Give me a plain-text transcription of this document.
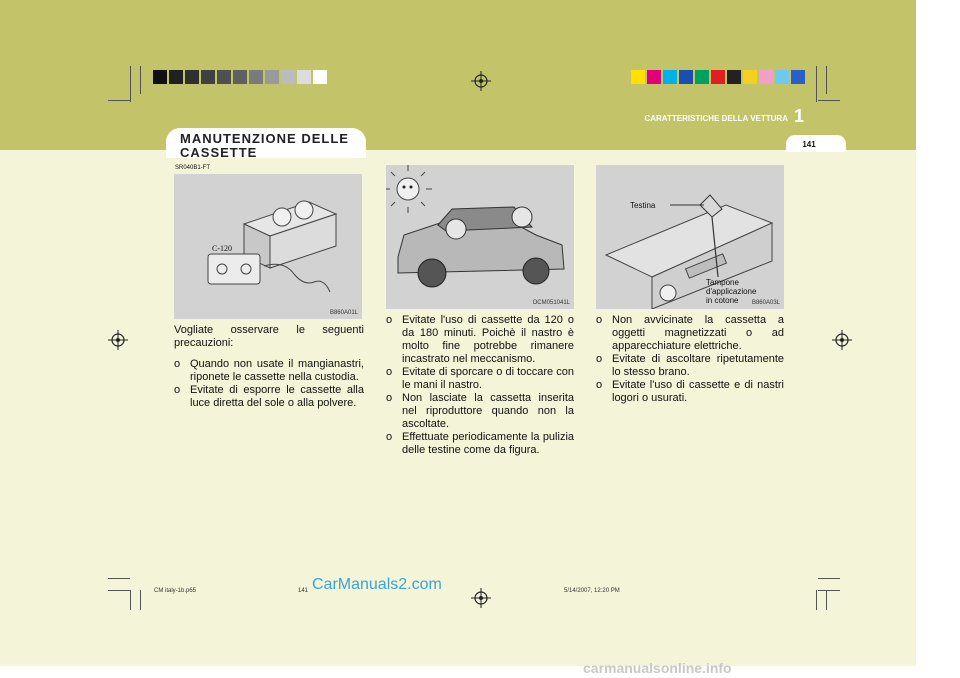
CARATTERISTICHE DELLA VETTURA 1
141
MANUTENZIONE DELLE CASSETTE
SR040B1-FT
C-120
B860A01L
OCM051041L
Testina
Tampone
d'applicazione
in cotone	B860A03L

Vogliate osservare le seguenti precauzioni:

o Quando non usate il mangianastri, riponete le cassette nella custodia.
o Evitate di esporre le cassette alla luce diretta del sole o alla polvere.
o Evitate l'uso di cassette da 120 o da 180 minuti. Poichè il nastro è molto fine potrebbe rimanere incastrato nel meccanismo.
o Evitate di sporcare o di toccare con le mani il nastro.
o Non lasciate la cassetta inserita nel riproduttore quando non la ascoltate.
o Effettuate periodicamente la pulizia delle testine come da figura.
o Non avvicinate la cassetta a oggetti magnetizzati o ad apparecchiature elettriche.
o Evitate di ascoltare ripetutamente lo stesso brano.
o Evitate l'uso di cassette e di nastri logori o usurati.
CM italy-1b.p65	141	5/14/2007, 12:20 PM
CarManuals2.com
carmanualsonline.info
